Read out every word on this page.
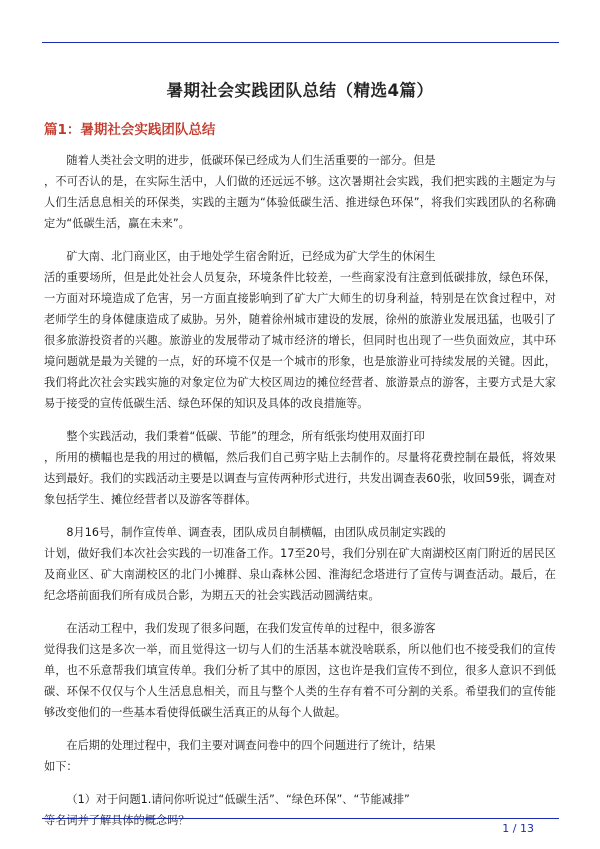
暑期社会实践团队总结（精选4篇）
篇1：暑期社会实践团队总结

随着人类社会文明的进步，低碳环保已经成为人们生活重要的一部分。但是
，不可否认的是，在实际生活中，人们做的还远远不够。这次暑期社会实践，我们把实践的主题定为与人们生活息息相关的环保类，实践的主题为“体验低碳生活、推进绿色环保”，将我们实践团队的名称确定为“低碳生活，赢在未来”。

矿大南、北门商业区，由于地处学生宿舍附近，已经成为矿大学生的休闲生
活的重要场所，但是此处社会人员复杂，环境条件比较差，一些商家没有注意到低碳排放，绿色环保，一方面对环境造成了危害，另一方面直接影响到了矿大广大师生的切身利益，特别是在饮食过程中，对老师学生的身体健康造成了威胁。另外，随着徐州城市建设的发展，徐州的旅游业发展迅猛，也吸引了很多旅游投资者的兴趣。旅游业的发展带动了城市经济的增长，但同时也出现了一些负面效应，其中环境问题就是最为关键的一点，好的环境不仅是一个城市的形象，也是旅游业可持续发展的关键。因此，我们将此次社会实践实施的对象定位为矿大校区周边的摊位经营者、旅游景点的游客，主要方式是大家易于接受的宣传低碳生活、绿色环保的知识及具体的改良措施等。

整个实践活动，我们秉着“低碳、节能”的理念，所有纸张均使用双面打印
，所用的横幅也是我的用过的横幅，然后我们自己剪字贴上去制作的。尽量将花费控制在最低，将效果达到最好。我们的实践活动主要是以调查与宣传两种形式进行，共发出调查表60张，收回59张，调查对象包括学生、摊位经营者以及游客等群体。

8月16号，制作宣传单、调查表，团队成员自制横幅，由团队成员制定实践的
计划，做好我们本次社会实践的一切准备工作。17至20号，我们分别在矿大南湖校区南门附近的居民区及商业区、矿大南湖校区的北门小摊群、泉山森林公园、淮海纪念塔进行了宣传与调查活动。最后，在纪念塔前面我们所有成员合影，为期五天的社会实践活动圆满结束。

在活动工程中，我们发现了很多问题，在我们发宣传单的过程中，很多游客
觉得我们这是多次一举，而且觉得这一切与人们的生活基本就没啥联系，所以他们也不接受我们的宣传单，也不乐意帮我们填宣传单。我们分析了其中的原因，这也许是我们宣传不到位，很多人意识不到低碳、环保不仅仅与个人生活息息相关，而且与整个人类的生存有着不可分割的关系。希望我们的宣传能够改变他们的一些基本看使得低碳生活真正的从每个人做起。

在后期的处理过程中，我们主要对调查问卷中的四个问题进行了统计，结果
如下：

（1）对于问题1.请问你听说过“低碳生活”、“绿色环保”、“节能减排”
等名词并了解具体的概念吗？

1 / 13
